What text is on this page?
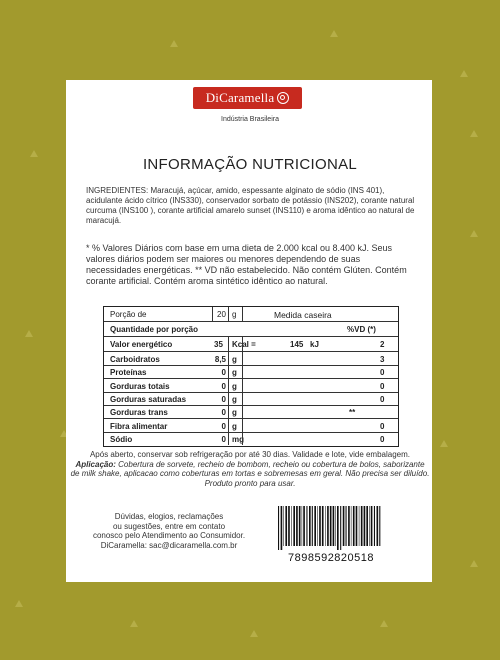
DiCaramella
Indústria Brasileira
INFORMAÇÃO NUTRICIONAL
INGREDIENTES: Maracujá, açúcar, amido, espessante alginato de sódio (INS 401), acidulante ácido cítrico (INS330), conservador sorbato de potássio (INS202), corante natural curcuma (INS100 ), corante artificial amarelo sunset (INS110) e aroma idêntico ao natural de maracujá.
* % Valores Diários com base em uma dieta de 2.000 kcal ou 8.400 kJ. Seus valores diários podem ser maiores ou menores dependendo de suas necessidades energéticas. ** VD não estabelecido. Não contém Glúten. Contém corante artificial. Contém aroma sintético idêntico ao natural.
Porção de	20 g	Medida caseira
Quantidade por porção	%VD (*)
Valor energético	35 Kcal =	145 kJ	2
Carboidratos	8,5 g	3
Proteínas	0 g	0
Gorduras totais	0 g	0
Gorduras saturadas	0 g	0
Gorduras trans	0 g	**
Fibra alimentar	0 g	0
Sódio	0 mg	0
Após aberto, conservar sob refrigeração por até 30 dias. Validade e lote, vide embalagem.
Aplicação: Cobertura de sorvete, recheio de bombom, recheio ou cobertura de bolos, saborizante de milk shake, aplicacao como coberturas em tortas e sobremesas em geral. Não precisa ser diluído. Produto pronto para usar.
Dúvidas, elogios, reclamações
ou sugestões, entre em contato
conosco pelo Atendimento ao Consumidor.
DiCaramella: sac@dicaramella.com.br
7898592820518
